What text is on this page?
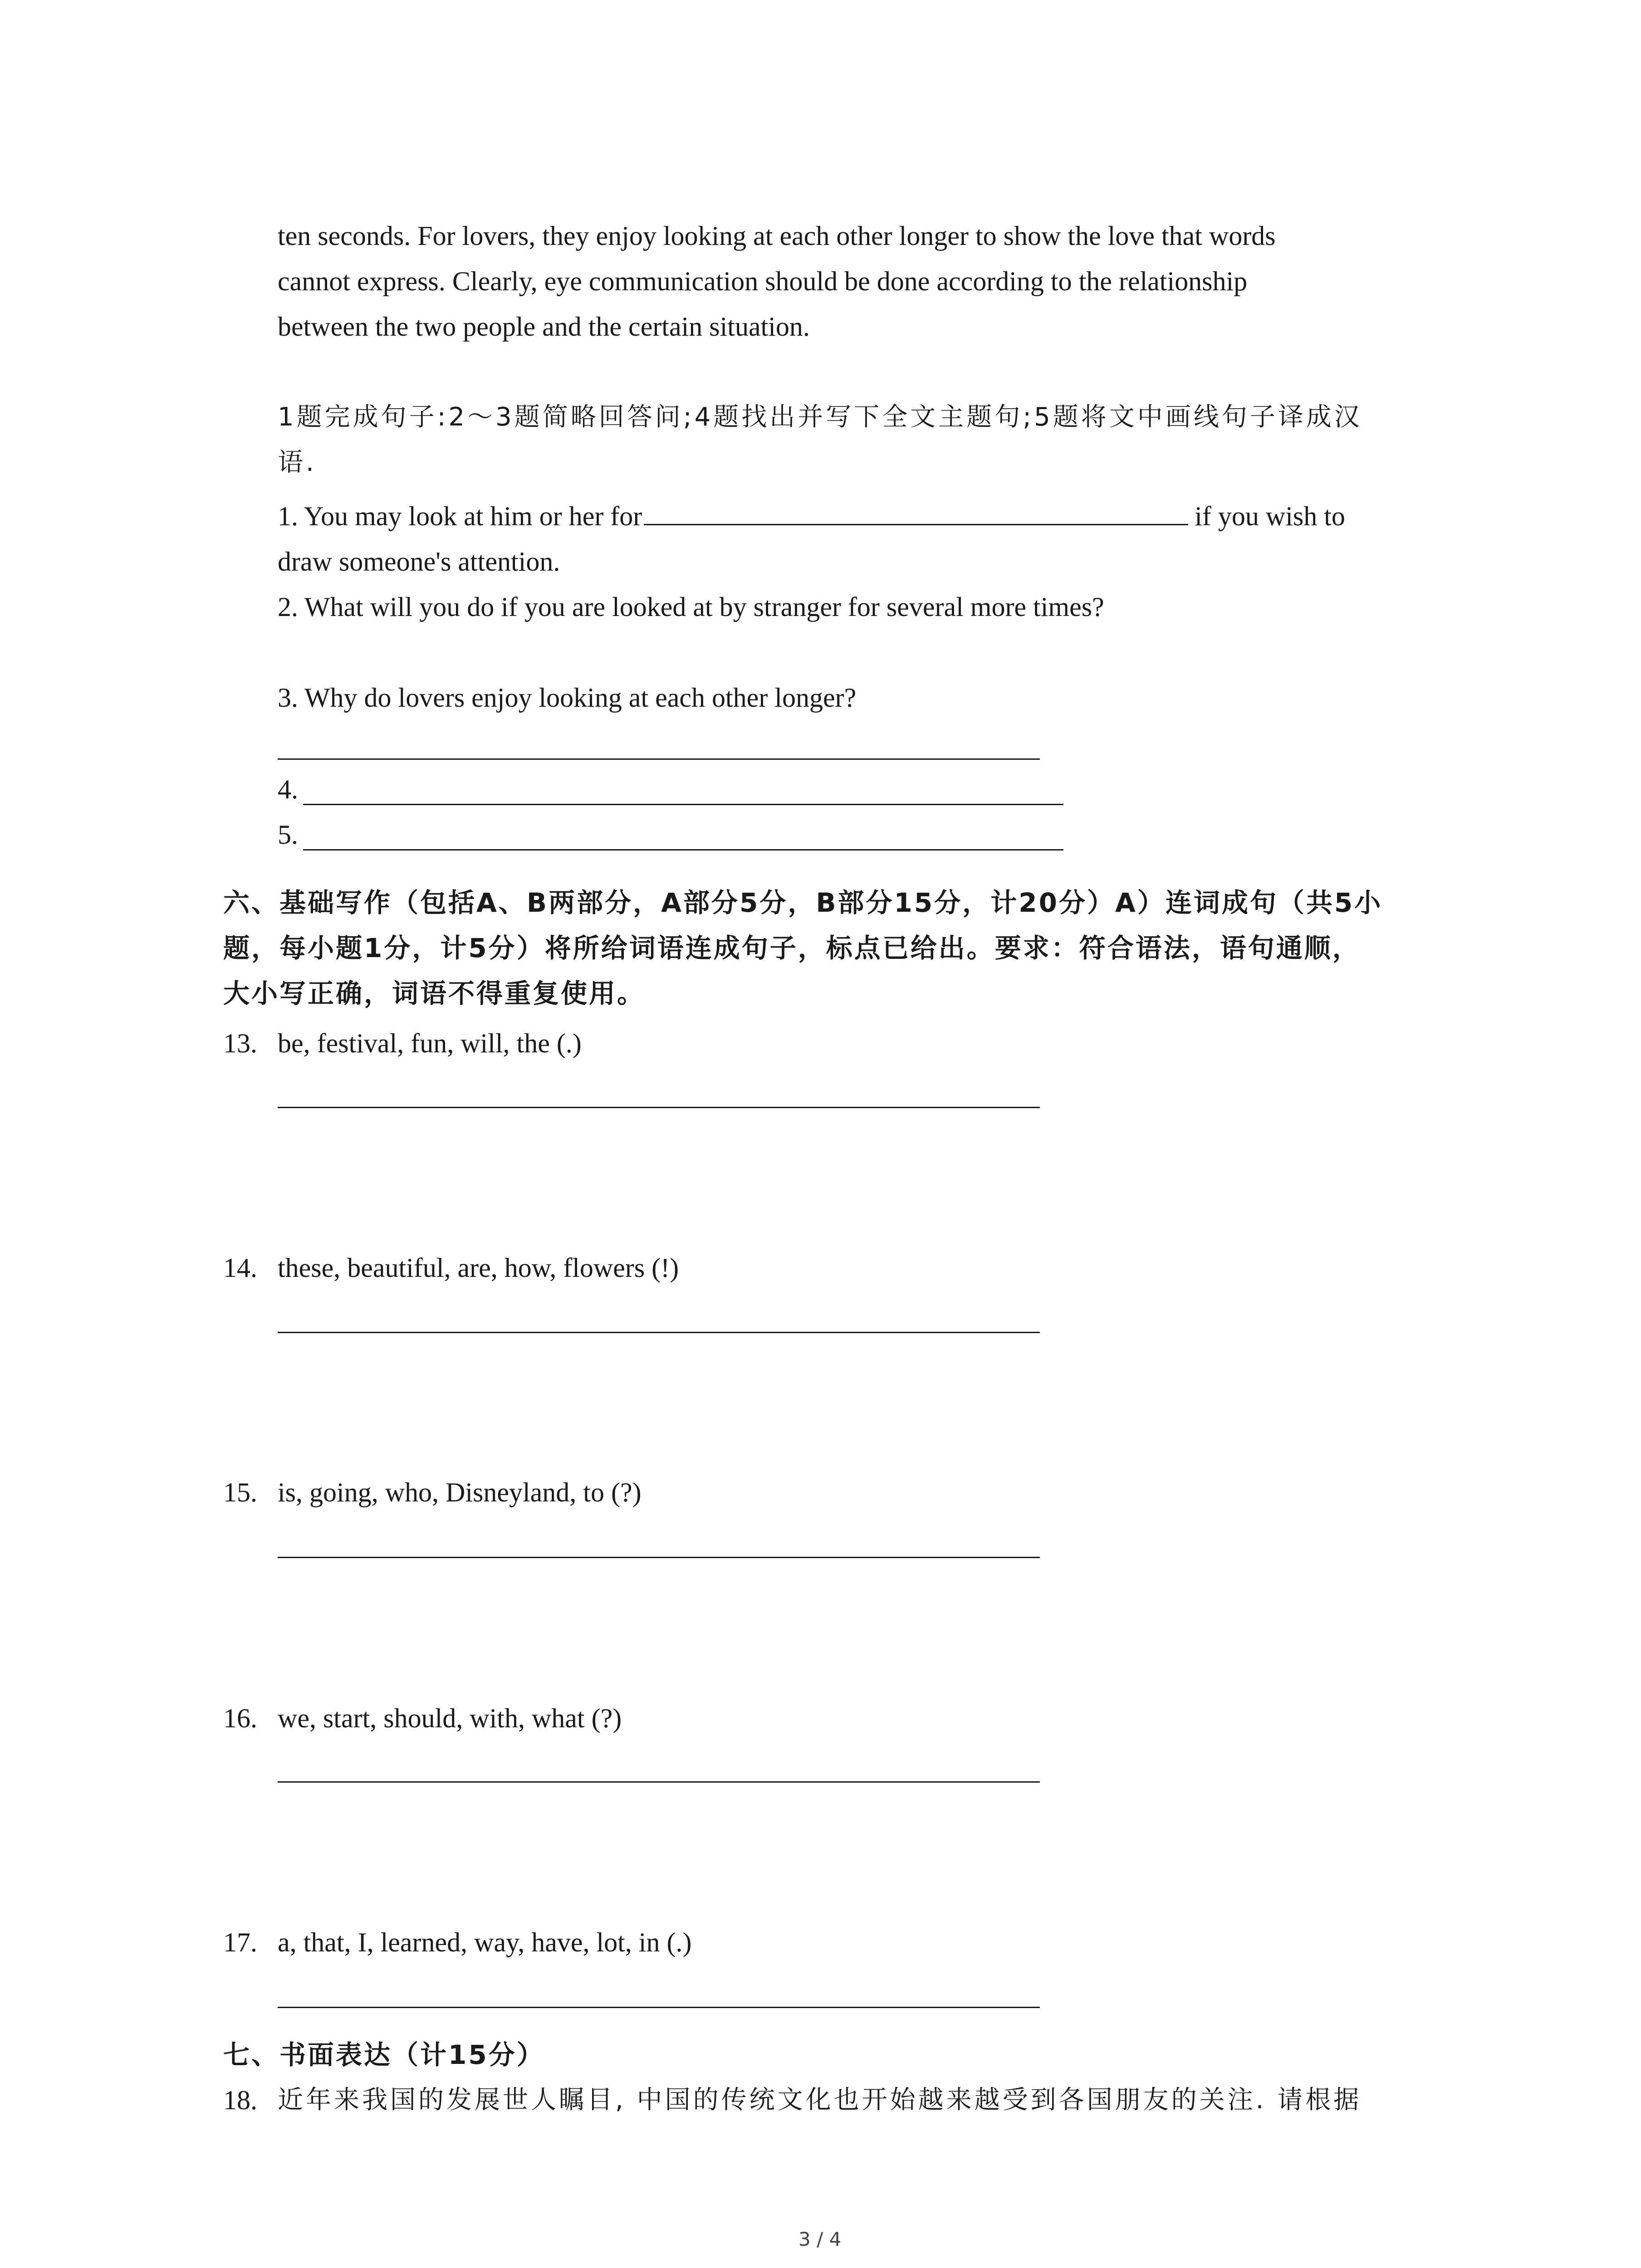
ten seconds. For lovers, they enjoy looking at each other longer to show the love that words
cannot express. Clearly, eye communication should be done according to the relationship
between the two people and the certain situation.
1题完成句子:2～3题简略回答问;4题找出并写下全文主题句;5题将文中画线句子译成汉
语.
1. You may look at him or her for	if you wish to
draw someone's attention.
2. What will you do if you are looked at by stranger for several more times?
3. Why do lovers enjoy looking at each other longer?
4.
5.
六、基础写作（包括A、B两部分，A部分5分，B部分15分，计20分）A）连词成句（共5小
题，每小题1分，计5分）将所给词语连成句子，标点已给出。要求：符合语法，语句通顺，
大小写正确，词语不得重复使用。
13. be, festival, fun, will, the (.)
14. these, beautiful, are, how, flowers (!)
15. is, going, who, Disneyland, to (?)
16. we, start, should, with, what (?)
17. a, that, I, learned, way, have, lot, in (.)
七、书面表达（计15分）
18. 近年来我国的发展世人瞩目, 中国的传统文化也开始越来越受到各国朋友的关注. 请根据
3 / 4
